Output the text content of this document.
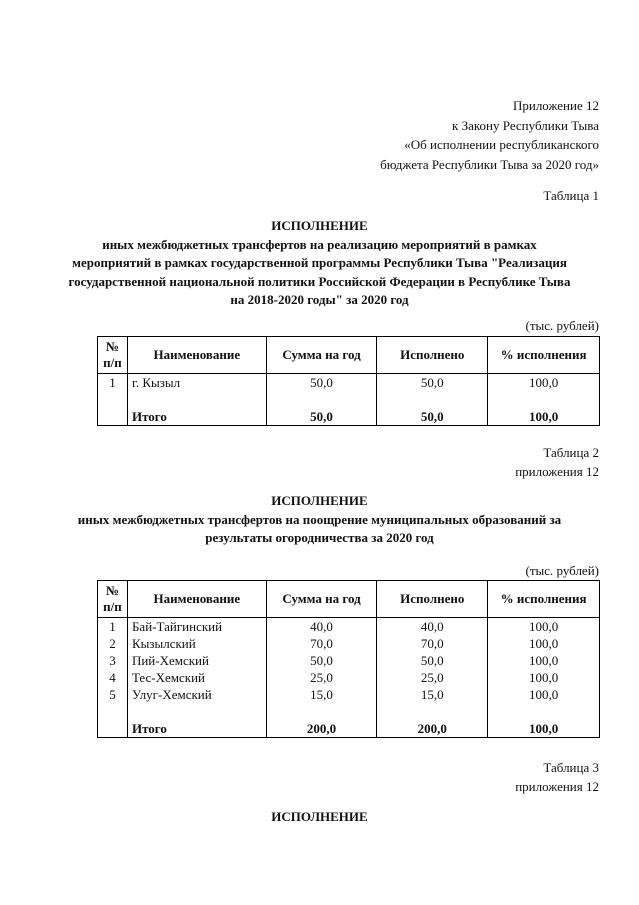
Приложение 12
к Закону Республики Тыва
«Об исполнении республиканского
бюджета Республики Тыва за 2020 год»
Таблица 1
ИСПОЛНЕНИЕ
иных межбюджетных трансфертов на реализацию мероприятий в рамках
мероприятий в рамках государственной программы Республики Тыва "Реализация
государственной национальной политики Российской Федерации в Республике Тыва
на 2018-2020 годы" за 2020 год
(тыс. рублей)
№ п/п	Наименование	Сумма на год	Исполнено	% исполнения
1	г. Кызыл	50,0	50,0	100,0

	Итого	50,0	50,0	100,0
Таблица 2
приложения 12
ИСПОЛНЕНИЕ
иных межбюджетных трансфертов на поощрение муниципальных образований за
результаты огородничества за 2020 год
(тыс. рублей)
№ п/п	Наименование	Сумма на год	Исполнено	% исполнения
1	Бай-Тайгинский	40,0	40,0	100,0
2	Кызылский	70,0	70,0	100,0
3	Пий-Хемский	50,0	50,0	100,0
4	Тес-Хемский	25,0	25,0	100,0
5	Улуг-Хемский	15,0	15,0	100,0

	Итого	200,0	200,0	100,0
Таблица 3
приложения 12
ИСПОЛНЕНИЕ
